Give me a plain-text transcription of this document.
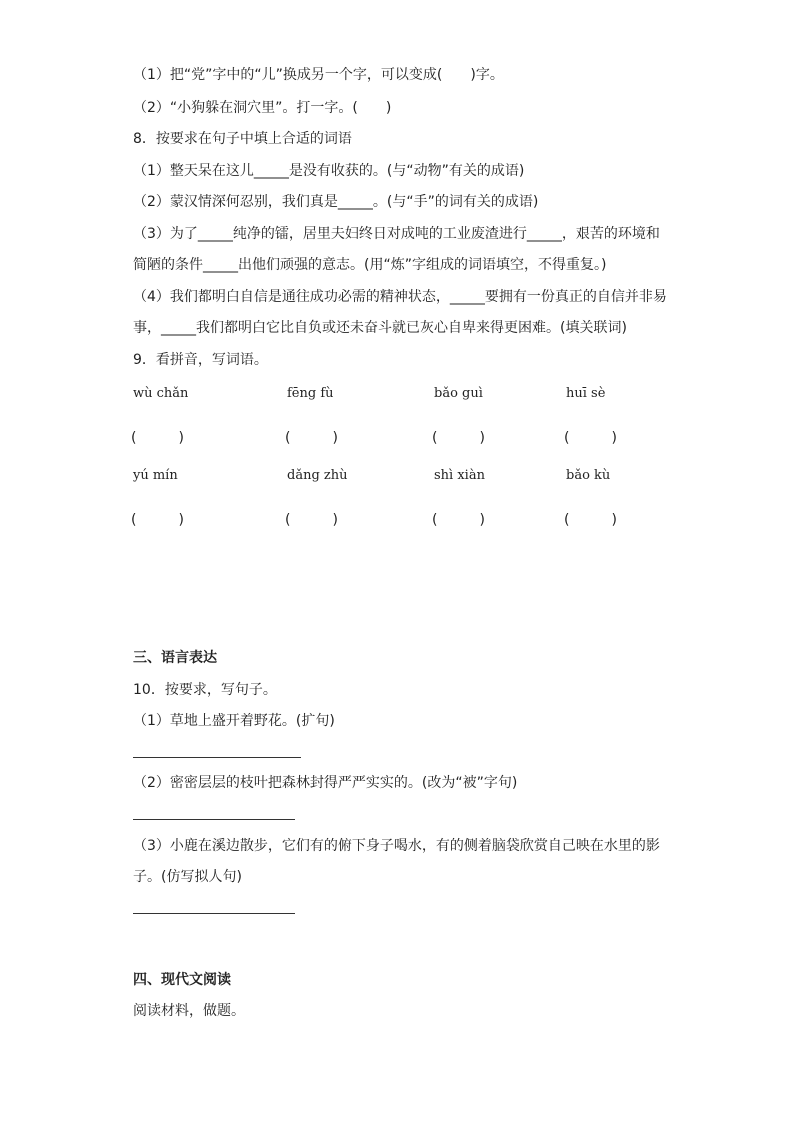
（1）把“党”字中的“儿”换成另一个字，可以变成(　　)字。
（2）“小狗躲在洞穴里”。打一字。(　　)
8．按要求在句子中填上合适的词语
（1）整天呆在这儿_____是没有收获的。(与“动物”有关的成语)
（2）蒙汉情深何忍别，我们真是_____。(与“手”的词有关的成语)
（3）为了_____纯净的镭，居里夫妇终日对成吨的工业废渣进行_____，艰苦的环境和
简陋的条件_____出他们顽强的意志。(用“炼”字组成的词语填空，不得重复。)
（4）我们都明白自信是通往成功必需的精神状态，_____要拥有一份真正的自信并非易
事，_____我们都明白它比自负或还未奋斗就已灰心自卑来得更困难。(填关联词)
9．看拼音，写词语。
wù chǎn	fēng fù	bǎo guì	huī sè
(　　　)	(　　　)	(　　　)	(　　　)
yú mín	dǎng zhù	shì xiàn	bǎo kù
(　　　)	(　　　)	(　　　)	(　　　)
三、语言表达
10．按要求，写句子。
（1）草地上盛开着野花。(扩句)
（2）密密层层的枝叶把森林封得严严实实的。(改为“被”字句)
（3）小鹿在溪边散步，它们有的俯下身子喝水，有的侧着脑袋欣赏自己映在水里的影
子。(仿写拟人句)
四、现代文阅读
阅读材料，做题。
